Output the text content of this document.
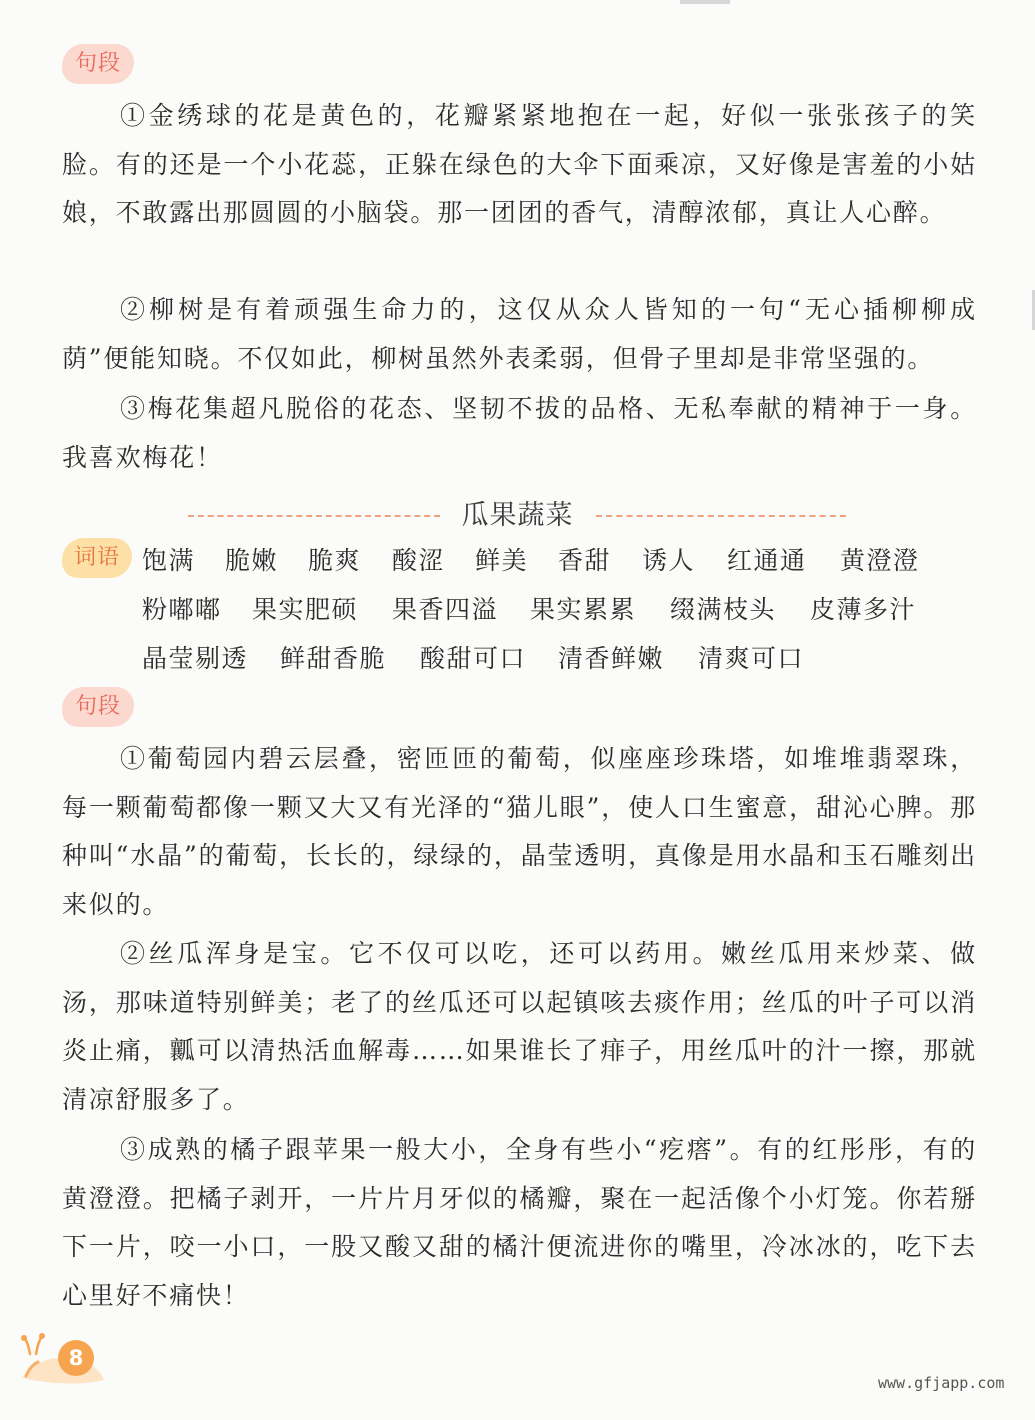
句段

①金绣球的花是黄色的，花瓣紧紧地抱在一起，好似一张张孩子的笑脸。有的还是一个小花蕊，正躲在绿色的大伞下面乘凉，又好像是害羞的小姑娘，不敢露出那圆圆的小脑袋。那一团团的香气，清醇浓郁，真让人心醉。

②柳树是有着顽强生命力的，这仅从众人皆知的一句“无心插柳柳成荫”便能知晓。不仅如此，柳树虽然外表柔弱，但骨子里却是非常坚强的。

③梅花集超凡脱俗的花态、坚韧不拔的品格、无私奉献的精神于一身。我喜欢梅花！

瓜果蔬菜
词语 饱满 脆嫩 脆爽 酸涩 鲜美 香甜 诱人 红通通 黄澄澄
粉嘟嘟 果实肥硕 果香四溢 果实累累 缀满枝头 皮薄多汁
晶莹剔透 鲜甜香脆 酸甜可口 清香鲜嫩 清爽可口
句段

①葡萄园内碧云层叠，密匝匝的葡萄，似座座珍珠塔，如堆堆翡翠珠，每一颗葡萄都像一颗又大又有光泽的“猫儿眼”，使人口生蜜意，甜沁心脾。那种叫“水晶”的葡萄，长长的，绿绿的，晶莹透明，真像是用水晶和玉石雕刻出来似的。

②丝瓜浑身是宝。它不仅可以吃，还可以药用。嫩丝瓜用来炒菜、做汤，那味道特别鲜美；老了的丝瓜还可以起镇咳去痰作用；丝瓜的叶子可以消炎止痛，瓤可以清热活血解毒……如果谁长了痱子，用丝瓜叶的汁一擦，那就清凉舒服多了。

③成熟的橘子跟苹果一般大小，全身有些小“疙瘩”。有的红彤彤，有的黄澄澄。把橘子剥开，一片片月牙似的橘瓣，聚在一起活像个小灯笼。你若掰下一片，咬一小口，一股又酸又甜的橘汁便流进你的嘴里，冷冰冰的，吃下去心里好不痛快！

8
www.gfjapp.com
